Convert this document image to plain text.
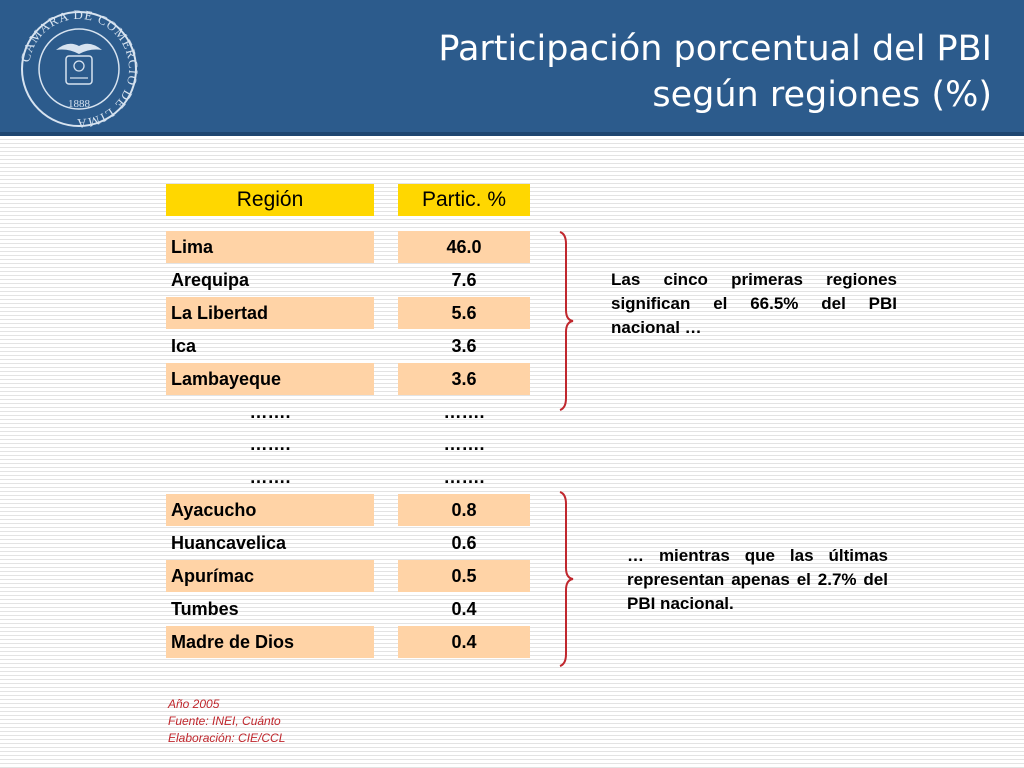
CAMARA DE COMERCIO DE LIMA
1888
Participación porcentual del PBI
según regiones (%)
Región	Partic. %
Lima	46.0
Arequipa	7.6
La Libertad	5.6
Ica	3.6
Lambayeque	3.6
…….	…….
…….	…….
…….	…….
Ayacucho	0.8
Huancavelica	0.6
Apurímac	0.5
Tumbes	0.4
Madre de Dios	0.4
Las cinco primeras regiones significan el 66.5% del PBI nacional …
… mientras que las últimas representan apenas el 2.7% del PBI nacional.
Año 2005
Fuente: INEI, Cuánto
Elaboración: CIE/CCL
